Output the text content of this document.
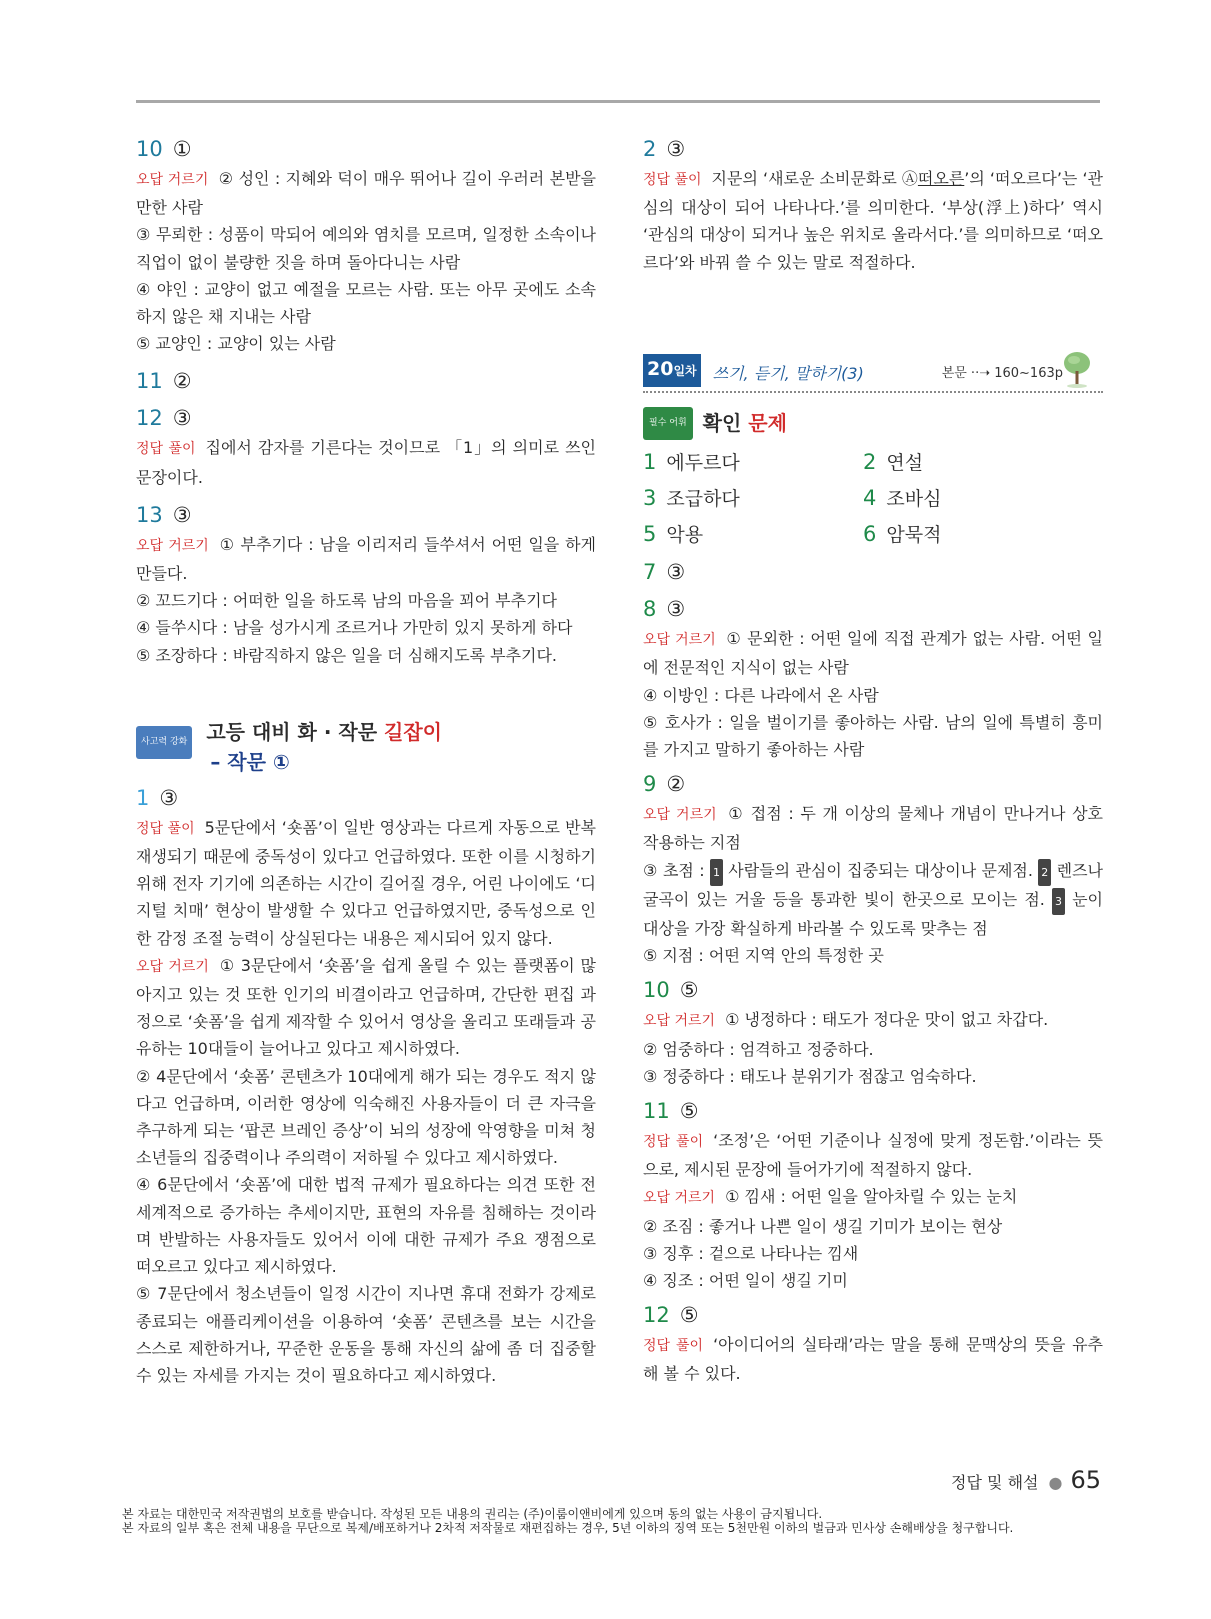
10 ①
오답 거르기 ② 성인 : 지혜와 덕이 매우 뛰어나 길이 우러러 본받을 만한 사람
③ 무뢰한 : 성품이 막되어 예의와 염치를 모르며, 일정한 소속이나 직업이 없이 불량한 짓을 하며 돌아다니는 사람
④ 야인 : 교양이 없고 예절을 모르는 사람. 또는 아무 곳에도 소속하지 않은 채 지내는 사람
⑤ 교양인 : 교양이 있는 사람
11 ②
12 ③
정답 풀이 집에서 감자를 기른다는 것이므로 「1」의 의미로 쓰인 문장이다.
13 ③
오답 거르기 ① 부추기다 : 남을 이리저리 들쑤셔서 어떤 일을 하게 만들다.
② 꼬드기다 : 어떠한 일을 하도록 남의 마음을 꾀어 부추기다
④ 들쑤시다 : 남을 성가시게 조르거나 가만히 있지 못하게 하다
⑤ 조장하다 : 바람직하지 않은 일을 더 심해지도록 부추기다.
사고력 강화 고등 대비 화 · 작문 길잡이
– 작문 ①
1 ③
정답 풀이 5문단에서 ‘숏폼’이 일반 영상과는 다르게 자동으로 반복 재생되기 때문에 중독성이 있다고 언급하였다. 또한 이를 시청하기 위해 전자 기기에 의존하는 시간이 길어질 경우, 어린 나이에도 ‘디지털 치매’ 현상이 발생할 수 있다고 언급하였지만, 중독성으로 인한 감정 조절 능력이 상실된다는 내용은 제시되어 있지 않다.
오답 거르기 ① 3문단에서 ‘숏폼’을 쉽게 올릴 수 있는 플랫폼이 많아지고 있는 것 또한 인기의 비결이라고 언급하며, 간단한 편집 과정으로 ‘숏폼’을 쉽게 제작할 수 있어서 영상을 올리고 또래들과 공유하는 10대들이 늘어나고 있다고 제시하였다.
② 4문단에서 ‘숏폼’ 콘텐츠가 10대에게 해가 되는 경우도 적지 않다고 언급하며, 이러한 영상에 익숙해진 사용자들이 더 큰 자극을 추구하게 되는 ‘팝콘 브레인 증상’이 뇌의 성장에 악영향을 미쳐 청소년들의 집중력이나 주의력이 저하될 수 있다고 제시하였다.
④ 6문단에서 ‘숏폼’에 대한 법적 규제가 필요하다는 의견 또한 전 세계적으로 증가하는 추세이지만, 표현의 자유를 침해하는 것이라며 반발하는 사용자들도 있어서 이에 대한 규제가 주요 쟁점으로 떠오르고 있다고 제시하였다.
⑤ 7문단에서 청소년들이 일정 시간이 지나면 휴대 전화가 강제로 종료되는 애플리케이션을 이용하여 ‘숏폼’ 콘텐츠를 보는 시간을 스스로 제한하거나, 꾸준한 운동을 통해 자신의 삶에 좀 더 집중할 수 있는 자세를 가지는 것이 필요하다고 제시하였다.
2 ③
정답 풀이 지문의 ‘새로운 소비문화로 Ⓐ떠오른’의 ‘떠오르다’는 ‘관심의 대상이 되어 나타나다.’를 의미한다. ‘부상(浮上)하다’ 역시 ‘관심의 대상이 되거나 높은 위치로 올라서다.’를 의미하므로 ‘떠오르다’와 바꿔 쓸 수 있는 말로 적절하다.
20일차 쓰기, 듣기, 말하기(3)	본문 ··➝ 160~163p
필수 어휘 확인 문제
1 에두르다	2 연설
3 조급하다	4 조바심
5 악용	6 암묵적
7 ③
8 ③
오답 거르기 ① 문외한 : 어떤 일에 직접 관계가 없는 사람. 어떤 일에 전문적인 지식이 없는 사람
④ 이방인 : 다른 나라에서 온 사람
⑤ 호사가 : 일을 벌이기를 좋아하는 사람. 남의 일에 특별히 흥미를 가지고 말하기 좋아하는 사람
9 ②
오답 거르기 ① 접점 : 두 개 이상의 물체나 개념이 만나거나 상호 작용하는 지점
③ 초점 : 1 사람들의 관심이 집중되는 대상이나 문제점. 2 렌즈나 굴곡이 있는 거울 등을 통과한 빛이 한곳으로 모이는 점. 3 눈이 대상을 가장 확실하게 바라볼 수 있도록 맞추는 점
⑤ 지점 : 어떤 지역 안의 특정한 곳
10 ⑤
오답 거르기 ① 냉정하다 : 태도가 정다운 맛이 없고 차갑다.
② 엄중하다 : 엄격하고 정중하다.
③ 정중하다 : 태도나 분위기가 점잖고 엄숙하다.
11 ⑤
정답 풀이 ‘조정’은 ‘어떤 기준이나 실정에 맞게 정돈함.’이라는 뜻으로, 제시된 문장에 들어가기에 적절하지 않다.
오답 거르기 ① 낌새 : 어떤 일을 알아차릴 수 있는 눈치
② 조짐 : 좋거나 나쁜 일이 생길 기미가 보이는 현상
③ 징후 : 겉으로 나타나는 낌새
④ 징조 : 어떤 일이 생길 기미
12 ⑤
정답 풀이 ‘아이디어의 실타래’라는 말을 통해 문맥상의 뜻을 유추해 볼 수 있다.
정답 및 해설 ● 65
본 자료는 대한민국 저작권법의 보호를 받습니다. 작성된 모든 내용의 권리는 (주)이룸이앤비에게 있으며 동의 없는 사용이 금지됩니다.
본 자료의 일부 혹은 전체 내용을 무단으로 복제/배포하거나 2차적 저작물로 재편집하는 경우, 5년 이하의 징역 또는 5천만원 이하의 벌금과 민사상 손해배상을 청구합니다.
